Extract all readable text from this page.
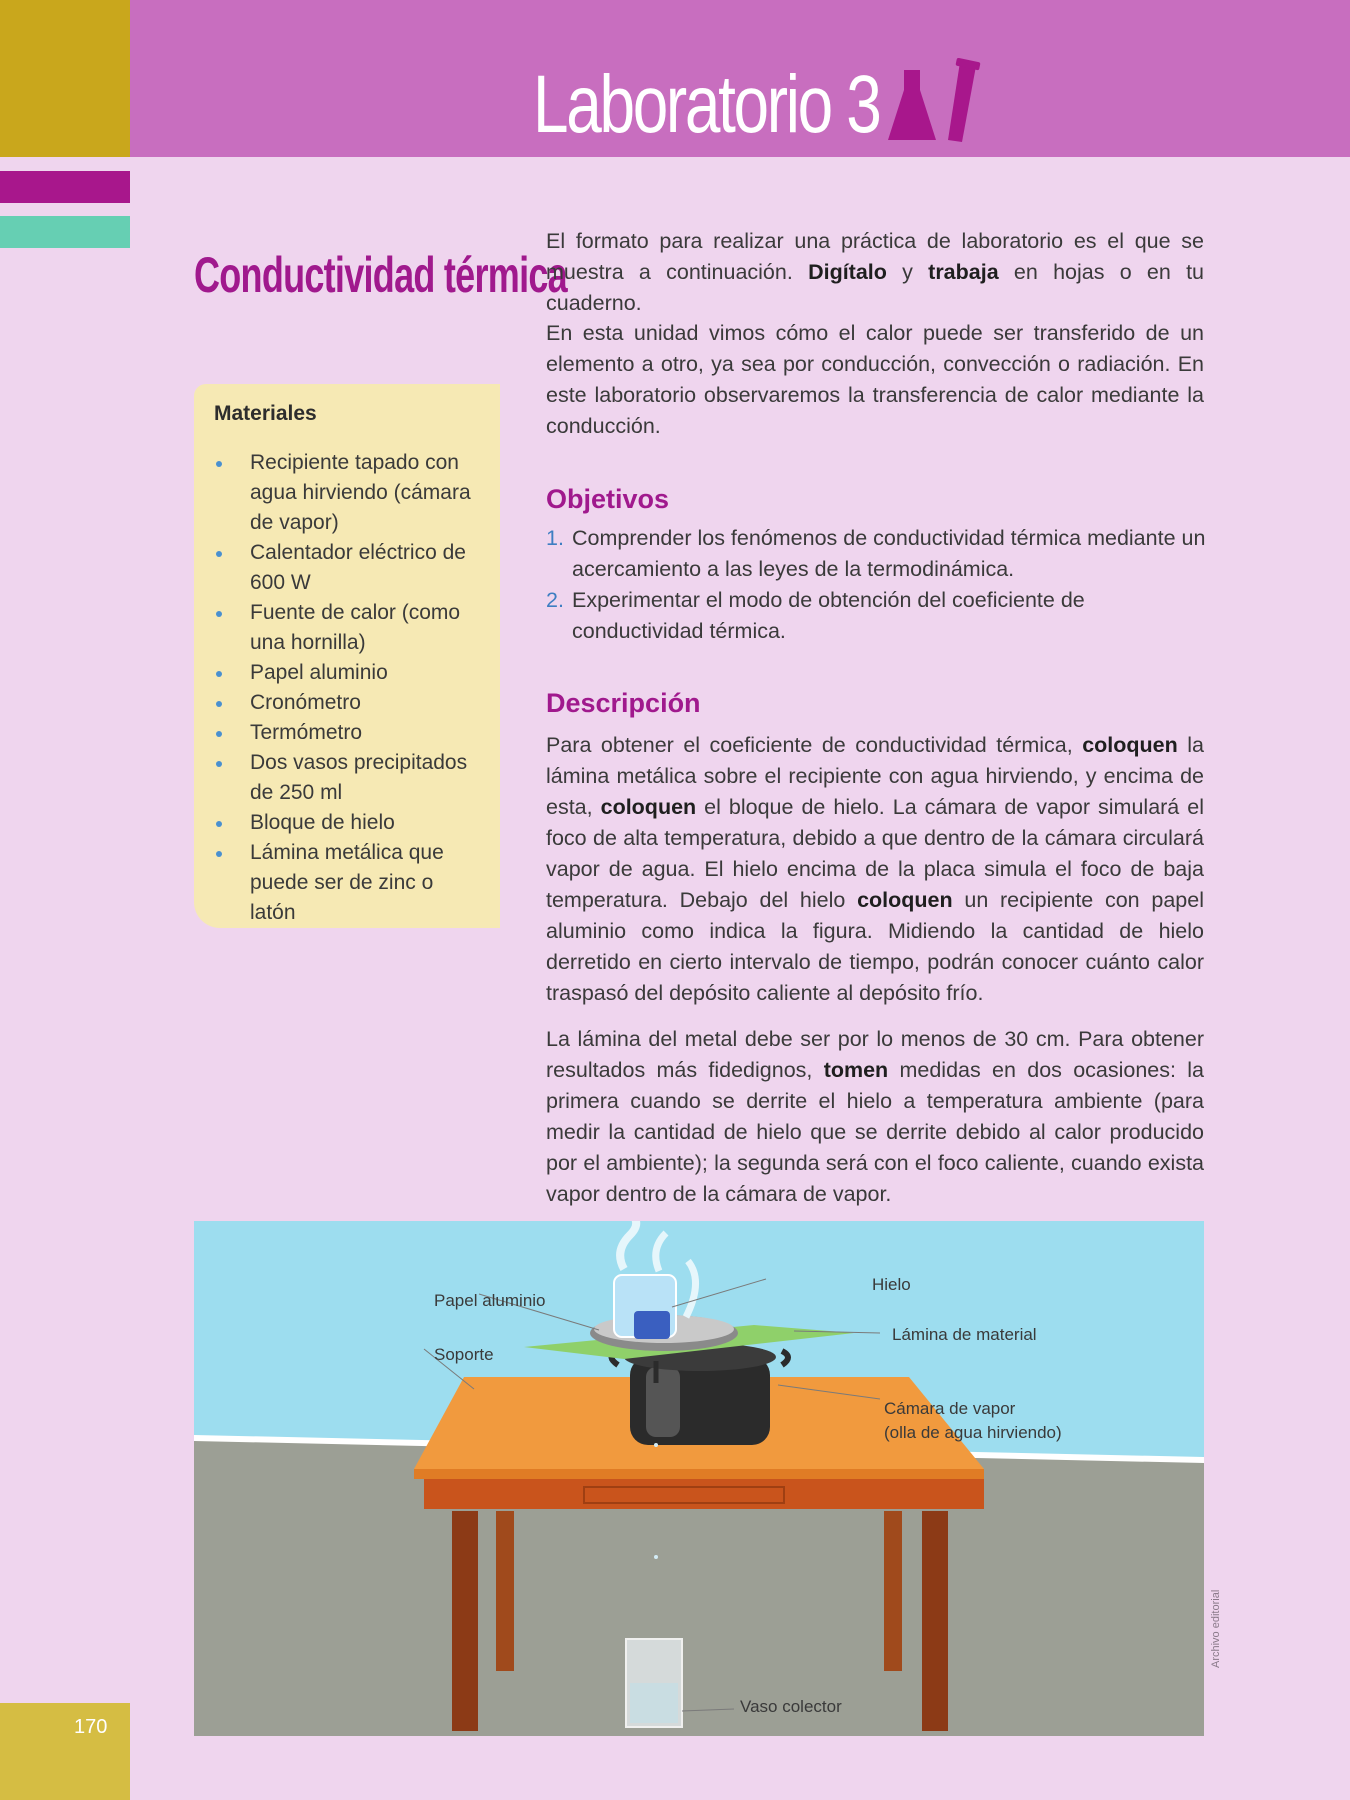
Laboratorio 3
Conductividad térmica
Materiales
Recipiente tapado con agua hirviendo (cámara de vapor)
Calentador eléctrico de 600 W
Fuente de calor (como una hornilla)
Papel aluminio
Cronómetro
Termómetro
Dos vasos precipitados de 250 ml
Bloque de hielo
Lámina metálica que puede ser de zinc o latón

El formato para realizar una práctica de laboratorio es el que se muestra a continuación. Digítalo y trabaja en hojas o en tu cuaderno.

En esta unidad vimos cómo el calor puede ser transferido de un elemento a otro, ya sea por conducción, convección o radiación. En este laboratorio observaremos la transferencia de calor mediante la conducción.

Objetivos
1. Comprender los fenómenos de conductividad térmica mediante un acercamiento a las leyes de la termodinámica.
2. Experimentar el modo de obtención del coeficiente de conductividad térmica.
Descripción

Para obtener el coeficiente de conductividad térmica, coloquen la lámina metálica sobre el recipiente con agua hirviendo, y encima de esta, coloquen el bloque de hielo. La cámara de vapor simulará el foco de alta temperatura, debido a que dentro de la cámara circulará vapor de agua. El hielo encima de la placa simula el foco de baja temperatura. Debajo del hielo coloquen un recipiente con papel aluminio como indica la figura. Midiendo la cantidad de hielo derretido en cierto intervalo de tiempo, podrán conocer cuánto calor traspasó del depósito caliente al depósito frío.

La lámina del metal debe ser por lo menos de 30 cm. Para obtener resultados más fidedignos, tomen medidas en dos ocasiones: la primera cuando se derrite el hielo a temperatura ambiente (para medir la cantidad de hielo que se derrite debido al calor producido por el ambiente); la segunda será con el foco caliente, cuando exista vapor dentro de la cámara de vapor.

Papel aluminio
Soporte
Hielo
Lámina de material
Cámara de vapor
(olla de agua hirviendo)
Vaso colector
Archivo editorial
170
